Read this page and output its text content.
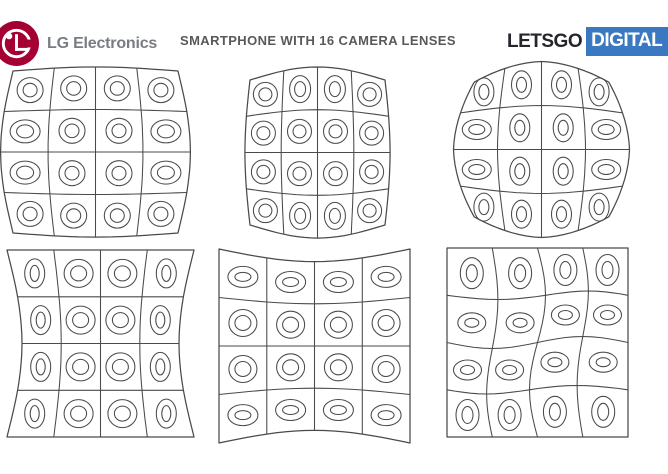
LG Electronics SMARTPHONE WITH 16 CAMERA LENSES	LETSGO DIGITAL
